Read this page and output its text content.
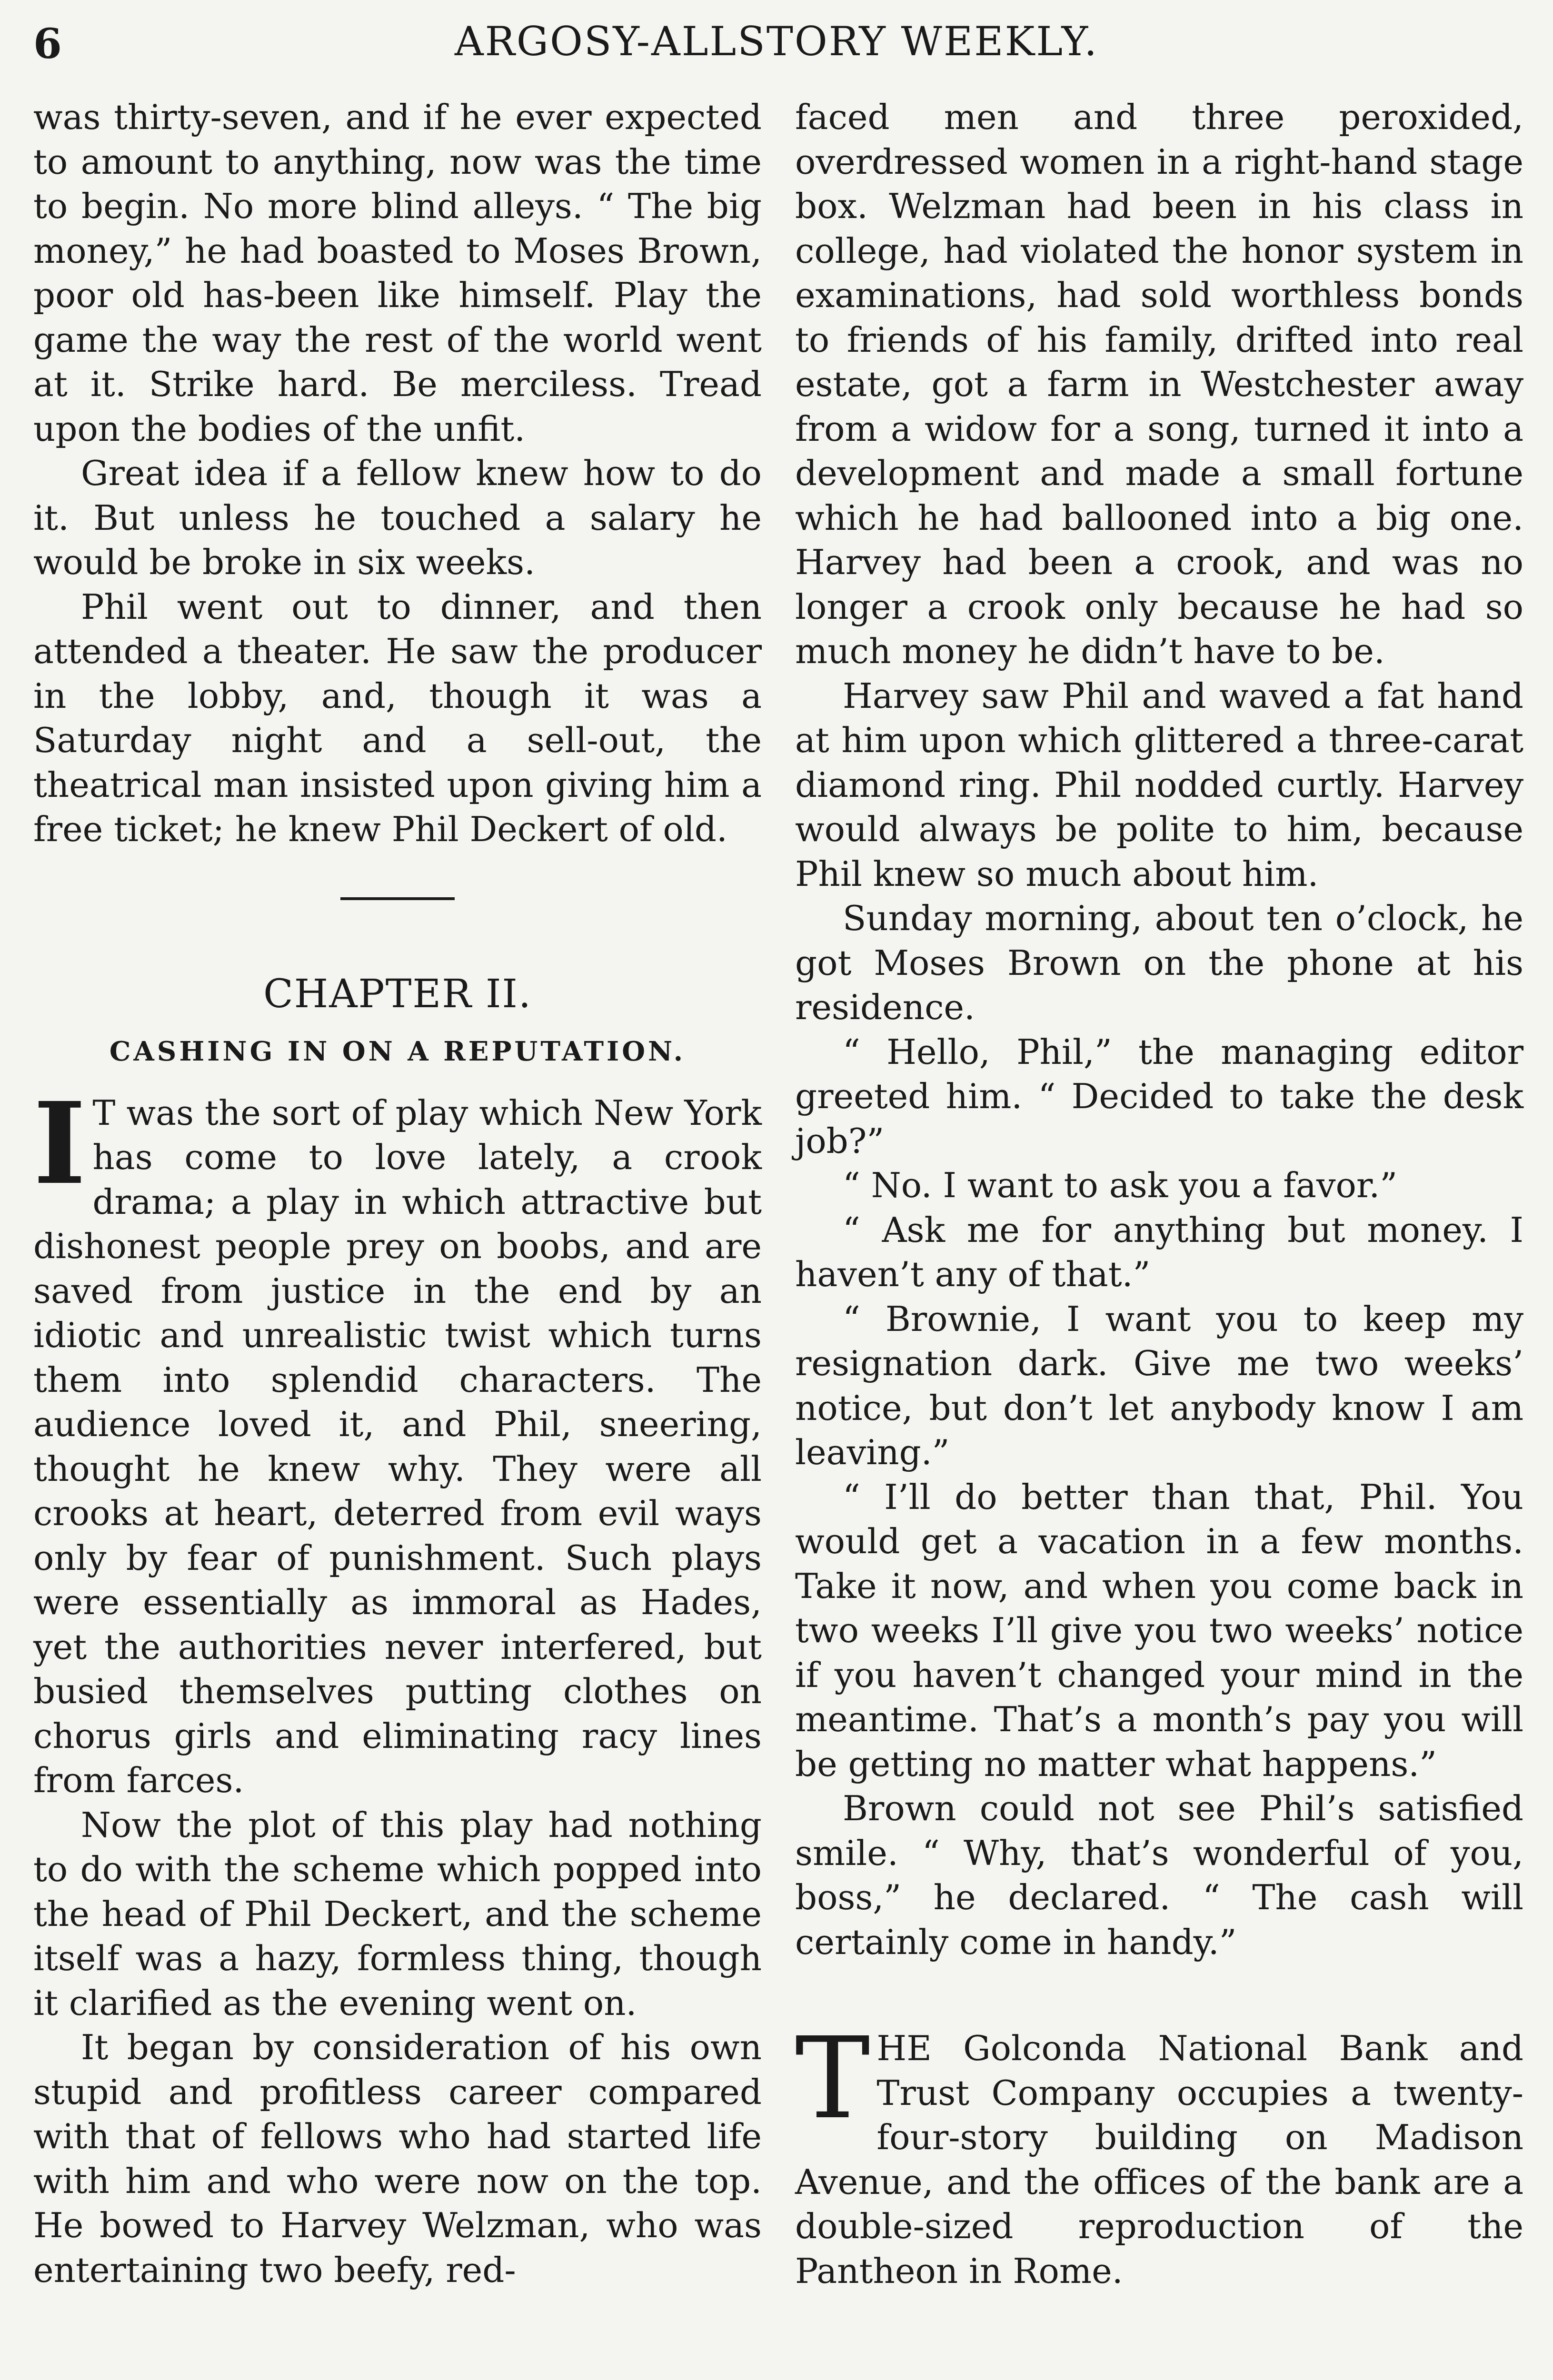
6	ARGOSY-ALLSTORY WEEKLY.

was thirty-seven, and if he ever expected to amount to anything, now was the time to begin. No more blind alleys. “ The big money,” he had boasted to Moses Brown, poor old has-been like himself. Play the game the way the rest of the world went at it. Strike hard. Be merciless. Tread upon the bodies of the unfit.

Great idea if a fellow knew how to do it. But unless he touched a salary he would be broke in six weeks.

Phil went out to dinner, and then attended a theater. He saw the producer in the lobby, and, though it was a Saturday night and a sell-out, the theatrical man insisted upon giving him a free ticket; he knew Phil Deckert of old.

CHAPTER II.
CASHING IN ON A REPUTATION.

I T was the sort of play which New York has come to love lately, a crook drama; a play in which attractive but dishonest people prey on boobs, and are saved from justice in the end by an idiotic and unrealistic twist which turns them into splendid characters. The audience loved it, and Phil, sneering, thought he knew why. They were all crooks at heart, deterred from evil ways only by fear of punishment. Such plays were essentially as immoral as Hades, yet the authorities never interfered, but busied themselves putting clothes on chorus girls and eliminating racy lines from farces.

Now the plot of this play had nothing to do with the scheme which popped into the head of Phil Deckert, and the scheme itself was a hazy, formless thing, though it clarified as the evening went on.

It began by consideration of his own stupid and profitless career compared with that of fellows who had started life with him and who were now on the top. He bowed to Harvey Welzman, who was entertaining two beefy, red-

faced men and three peroxided, overdressed women in a right-hand stage box. Welzman had been in his class in college, had violated the honor system in examinations, had sold worthless bonds to friends of his family, drifted into real estate, got a farm in Westchester away from a widow for a song, turned it into a development and made a small fortune which he had ballooned into a big one. Harvey had been a crook, and was no longer a crook only because he had so much money he didn’t have to be.

Harvey saw Phil and waved a fat hand at him upon which glittered a three-carat diamond ring. Phil nodded curtly. Harvey would always be polite to him, because Phil knew so much about him.

Sunday morning, about ten o’clock, he got Moses Brown on the phone at his residence.

“ Hello, Phil,” the managing editor greeted him. “ Decided to take the desk job?”

“ No. I want to ask you a favor.”

“ Ask me for anything but money. I haven’t any of that.”

“ Brownie, I want you to keep my resignation dark. Give me two weeks’ notice, but don’t let anybody know I am leaving.”

“ I’ll do better than that, Phil. You would get a vacation in a few months. Take it now, and when you come back in two weeks I’ll give you two weeks’ notice if you haven’t changed your mind in the meantime. That’s a month’s pay you will be getting no matter what happens.”

Brown could not see Phil’s satisfied smile. “ Why, that’s wonderful of you, boss,” he declared. “ The cash will certainly come in handy.”

THE Golconda National Bank and Trust Company occupies a twenty-four-story building on Madison Avenue, and the offices of the bank are a double-sized reproduction of the Pantheon in Rome.
